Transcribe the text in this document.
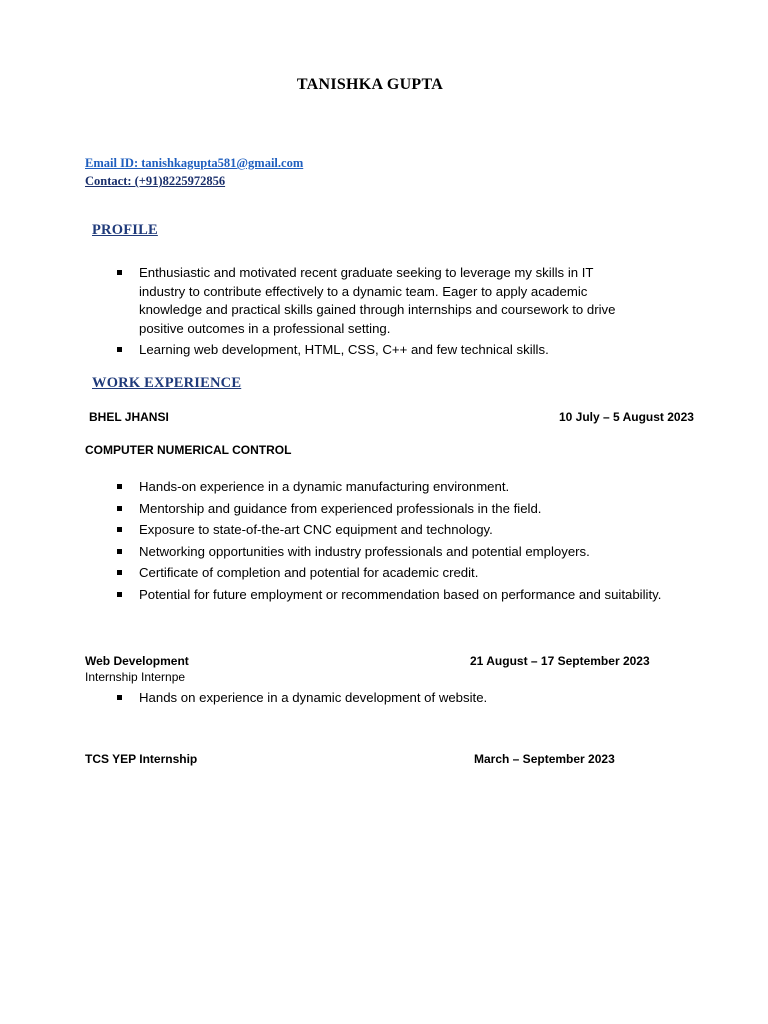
TANISHKA GUPTA
Email ID: tanishkagupta581@gmail.com
Contact: (+91)8225972856
PROFILE
Enthusiastic and motivated recent graduate seeking to leverage my skills in IT industry to contribute effectively to a dynamic team. Eager to apply academic knowledge and practical skills gained through internships and coursework to drive positive outcomes in a professional setting.
Learning web development, HTML, CSS, C++ and few technical skills.
WORK EXPERIENCE
BHEL JHANSI	10 July – 5 August 2023
COMPUTER NUMERICAL CONTROL
Hands-on experience in a dynamic manufacturing environment.
Mentorship and guidance from experienced professionals in the field.
Exposure to state-of-the-art CNC equipment and technology.
Networking opportunities with industry professionals and potential employers.
Certificate of completion and potential for academic credit.
Potential for future employment or recommendation based on performance and suitability.
Web Development	21 August – 17 September 2023
Internship Internpe
Hands on experience in a dynamic development of website.
TCS YEP Internship	March – September 2023
